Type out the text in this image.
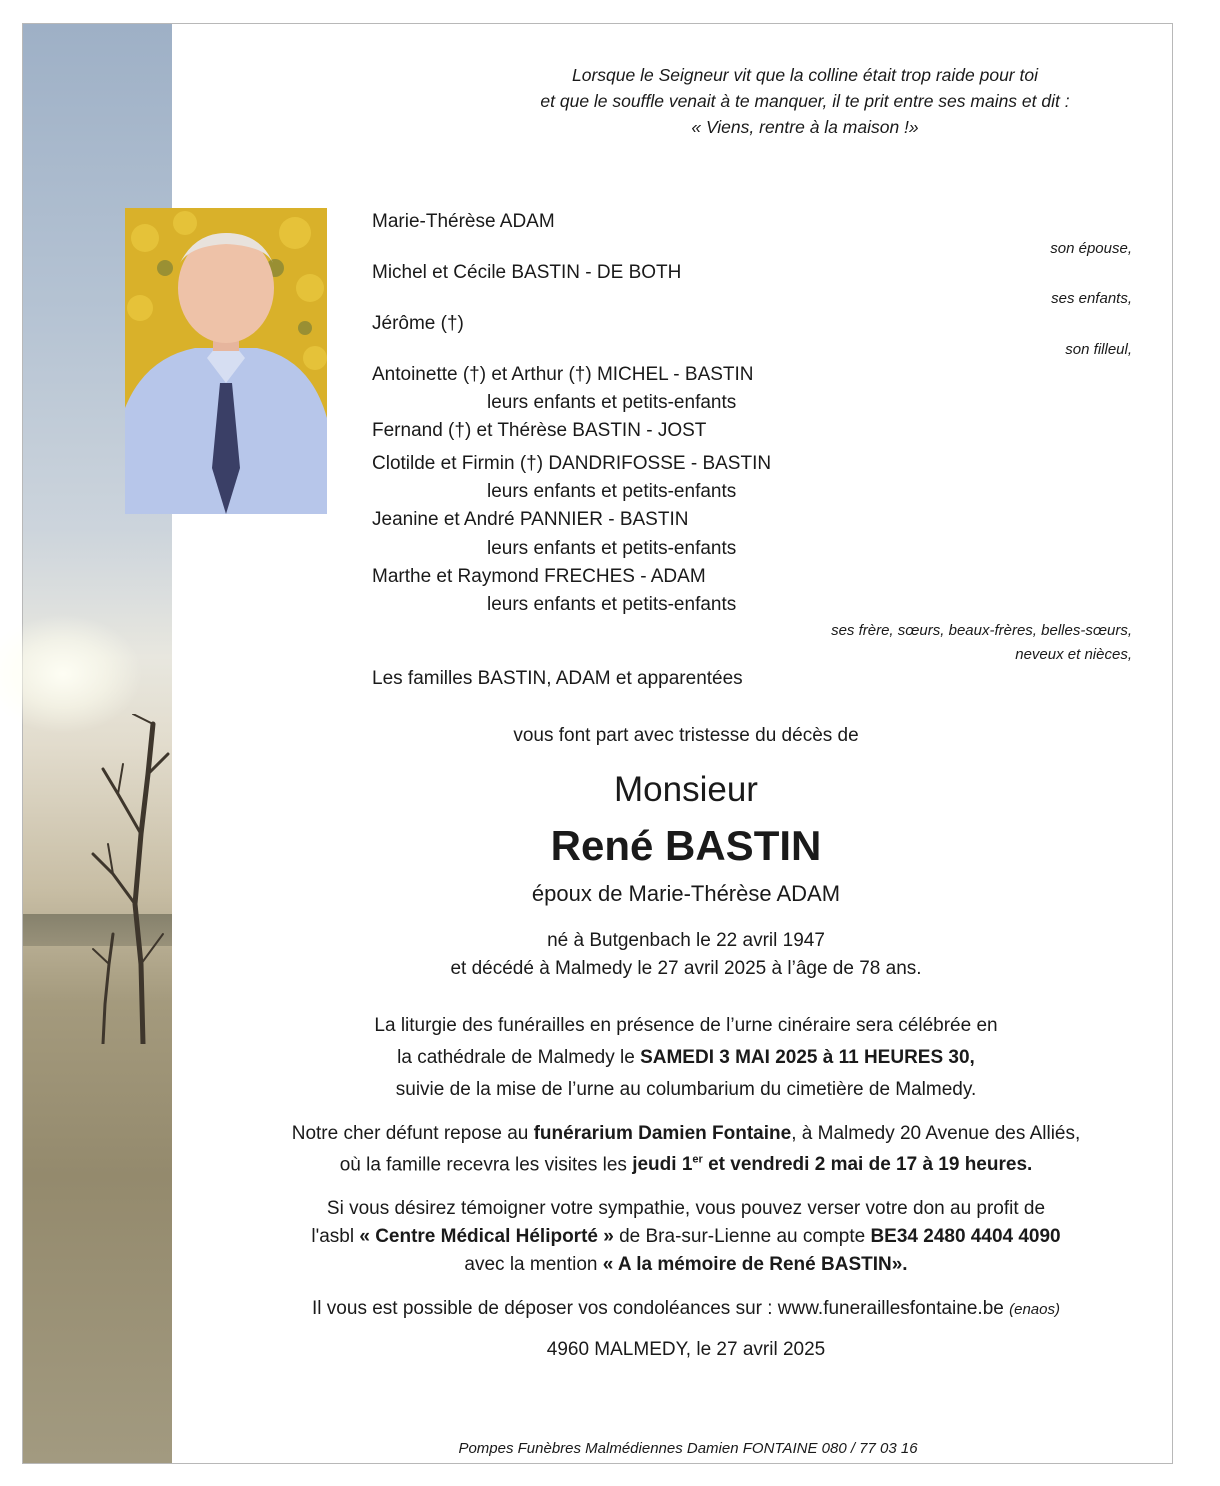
Lorsque le Seigneur vit que la colline était trop raide pour toi
et que le souffle venait à te manquer, il te prit entre ses mains et dit :
« Viens, rentre à la maison !»
Marie-Thérèse ADAM
son épouse,
Michel et Cécile BASTIN - DE BOTH
ses enfants,
Jérôme (†)
son filleul,
Antoinette (†) et Arthur (†) MICHEL - BASTIN
leurs enfants et petits-enfants
Fernand (†) et Thérèse BASTIN - JOST
Clotilde et Firmin (†) DANDRIFOSSE - BASTIN
leurs enfants et petits-enfants
Jeanine et André PANNIER - BASTIN
leurs enfants et petits-enfants
Marthe et Raymond FRECHES - ADAM
leurs enfants et petits-enfants
ses frère, sœurs, beaux-frères, belles-sœurs,
neveux et nièces,
Les familles BASTIN, ADAM et apparentées
vous font part avec tristesse du décès de
Monsieur
René BASTIN
époux de Marie-Thérèse ADAM
né à Butgenbach le 22 avril 1947
et décédé à Malmedy le 27 avril 2025 à l’âge de 78 ans.
La liturgie des funérailles en présence de l’urne cinéraire sera célébrée en
la cathédrale de Malmedy le SAMEDI 3 MAI 2025 à 11 HEURES 30,
suivie de la mise de l’urne au columbarium du cimetière de Malmedy.
Notre cher défunt repose au funérarium Damien Fontaine, à Malmedy 20 Avenue des Alliés,
où la famille recevra les visites les jeudi 1er et vendredi 2 mai de 17 à 19 heures.
Si vous désirez témoigner votre sympathie, vous pouvez verser votre don au profit de
l'asbl « Centre Médical Héliporté » de Bra-sur-Lienne au compte BE34 2480 4404 4090
avec la mention « A la mémoire de René BASTIN».
Il vous est possible de déposer vos condoléances sur : www.funeraillesfontaine.be (enaos)
4960 MALMEDY, le 27 avril 2025
Pompes Funèbres Malmédiennes Damien FONTAINE 080 / 77 03 16
